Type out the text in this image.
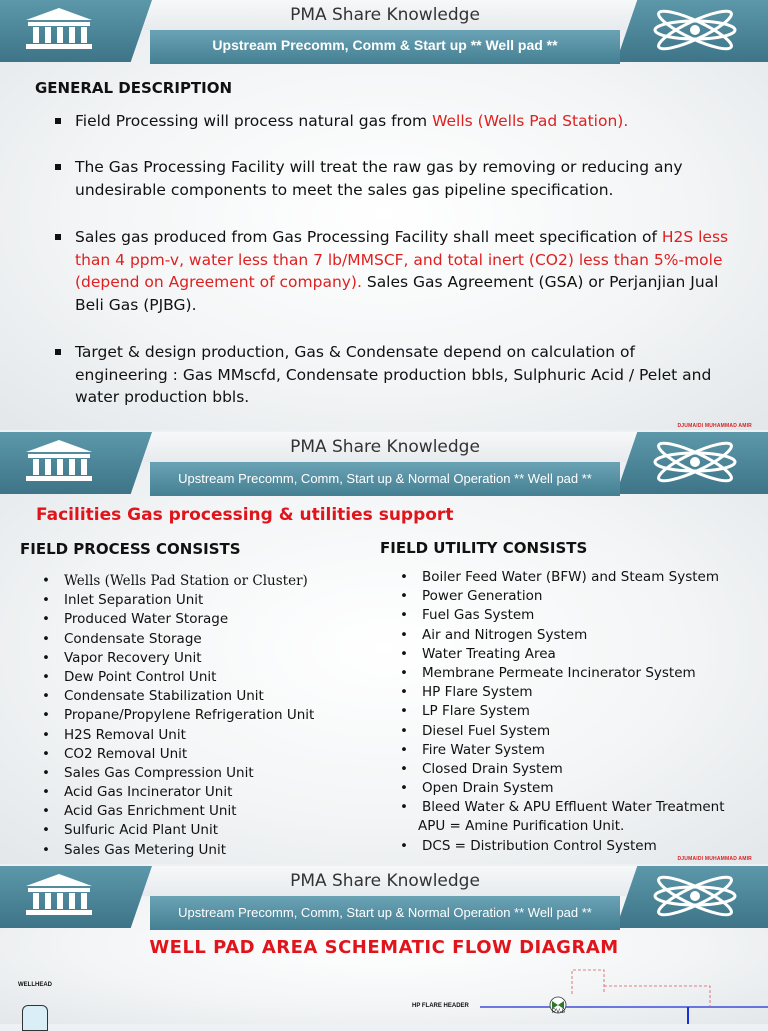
PMA Share Knowledge
Upstream Precomm, Comm & Start up ** Well pad **
GENERAL DESCRIPTION
Field Processing will process natural gas from Wells (Wells Pad Station).
The Gas Processing Facility will treat the raw gas by removing or reducing any
undesirable components to meet the sales gas pipeline specification.
Sales gas produced from Gas Processing Facility shall meet specification of H2S less
than 4 ppm-v, water less than 7 lb/MMSCF, and total inert (CO2) less than 5%-mole
(depend on Agreement of company). Sales Gas Agreement (GSA) or Perjanjian Jual
Beli Gas (PJBG).
Target & design production, Gas & Condensate depend on calculation of
engineering : Gas MMscfd, Condensate production bbls, Sulphuric Acid / Pelet and
water production bbls.
DJUMAIDI MUHAMMAD AMIR
PMA Share Knowledge
Upstream Precomm, Comm, Start up & Normal Operation ** Well pad **
DJUMAIDI MUHAMMAD AMIR
Facilities Gas processing & utilities support
FIELD PROCESS CONSISTS	FIELD UTILITY CONSISTS
• Wells (Wells Pad Station or Cluster)
• Inlet Separation Unit
• Produced Water Storage
• Condensate Storage
• Vapor Recovery Unit
• Dew Point Control Unit
• Condensate Stabilization Unit
• Propane/Propylene Refrigeration Unit
• H2S Removal Unit
• CO2 Removal Unit
• Sales Gas Compression Unit
• Acid Gas Incinerator Unit
• Acid Gas Enrichment Unit
• Sulfuric Acid Plant Unit
• Sales Gas Metering Unit
• Boiler Feed Water (BFW) and Steam System
• Power Generation
• Fuel Gas System
• Air and Nitrogen System
• Water Treating Area
• Membrane Permeate Incinerator System
• HP Flare System
• LP Flare System
• Diesel Fuel System
• Fire Water System
• Closed Drain System
• Open Drain System
• Bleed Water & APU Effluent Water Treatment
APU = Amine Purification Unit.
• DCS = Distribution Control System
PMA Share Knowledge
Upstream Precomm, Comm, Start up & Normal Operation ** Well pad **
WELL PAD AREA SCHEMATIC FLOW DIAGRAM
WELLHEAD
HP FLARE HEADER
PV-8
